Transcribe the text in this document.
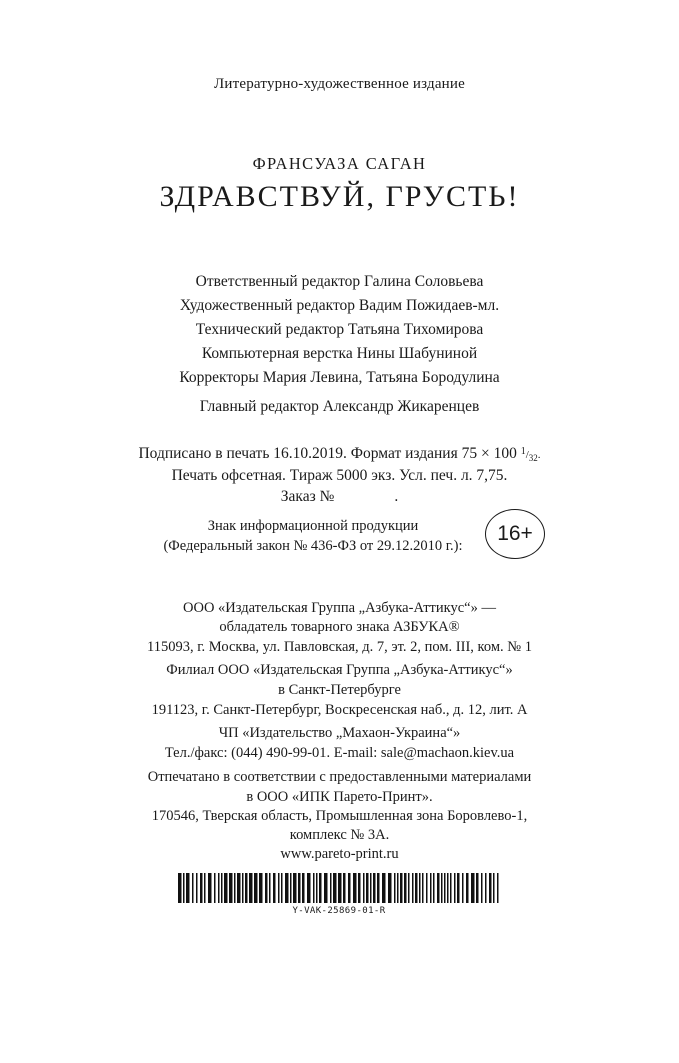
Литературно-художественное издание
ФРАНСУАЗА САГАН
ЗДРАВСТВУЙ, ГРУСТЬ!
Ответственный редактор Галина Соловьева
Художественный редактор Вадим Пожидаев-мл.
Технический редактор Татьяна Тихомирова
Компьютерная верстка Нины Шабуниной
Корректоры Мария Левина, Татьяна Бородулина
Главный редактор Александр Жикаренцев
Подписано в печать 16.10.2019. Формат издания 75 × 100 $^1/_{32}$.
Печать офсетная. Тираж 5000 экз. Усл. печ. л. 7,75.
Заказ №	.
Знак информационной продукции
(Федеральный закон № 436-ФЗ от 29.12.2010 г.):
16+
ООО «Издательская Группа „Азбука-Аттикус“» —
обладатель товарного знака АЗБУКА®
115093, г. Москва, ул. Павловская, д. 7, эт. 2, пом. III, ком. № 1
Филиал ООО «Издательская Группа „Азбука-Аттикус“»
в Санкт-Петербурге
191123, г. Санкт-Петербург, Воскресенская наб., д. 12, лит. А
ЧП «Издательство „Махаон-Украина“»
Тел./факс: (044) 490-99-01. E-mail: sale@machaon.kiev.ua
Отпечатано в соответствии с предоставленными материалами
в ООО «ИПК Парето-Принт».
170546, Тверская область, Промышленная зона Боровлево-1,
комплекс № 3А.
www.pareto-print.ru
Y-VAK-25869-01-R
